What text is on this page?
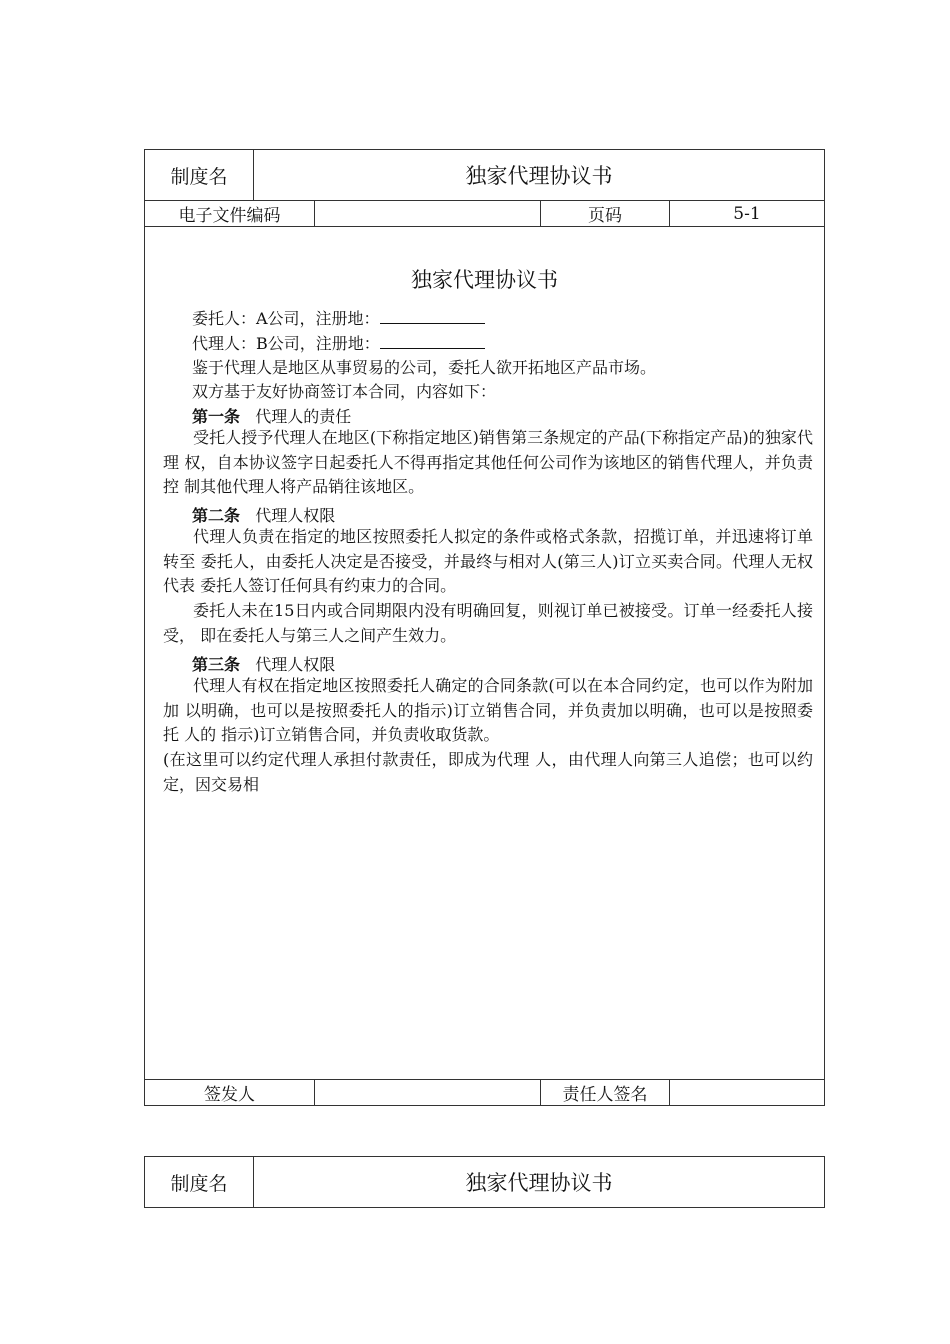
制度名	独家代理协议书
电子文件编码	页码	5-1
独家代理协议书
委托人：A公司，注册地：
代理人：B公司，注册地：
鉴于代理人是地区从事贸易的公司，委托人欲开拓地区产品市场。
双方基于友好协商签订本合同，内容如下：
第一条 代理人的责任
受托人授予代理人在地区(下称指定地区)销售第三条规定的产品(下称指定产品)的独家代理 权，自本协议签字日起委托人不得再指定其他任何公司作为该地区的销售代理人，并负责控 制其他代理人将产品销往该地区。
第二条 代理人权限
代理人负责在指定的地区按照委托人拟定的条件或格式条款，招揽订单，并迅速将订单转至 委托人，由委托人决定是否接受，并最终与相对人(第三人)订立买卖合同。代理人无权代表 委托人签订任何具有约束力的合同。
委托人未在15日内或合同期限内没有明确回复，则视订单已被接受。订单一经委托人接受， 即在委托人与第三人之间产生效力。
第三条 代理人权限
代理人有权在指定地区按照委托人确定的合同条款(可以在本合同约定，也可以作为附加加 以明确，也可以是按照委托人的指示)订立销售合同，并负责加以明确，也可以是按照委托 人的 指示)订立销售合同，并负责收取货款。
(在这里可以约定代理人承担付款责任，即成为代理 人，由代理人向第三人追偿；也可以约定，因交易相
签发人	责任人签名
制度名	独家代理协议书
